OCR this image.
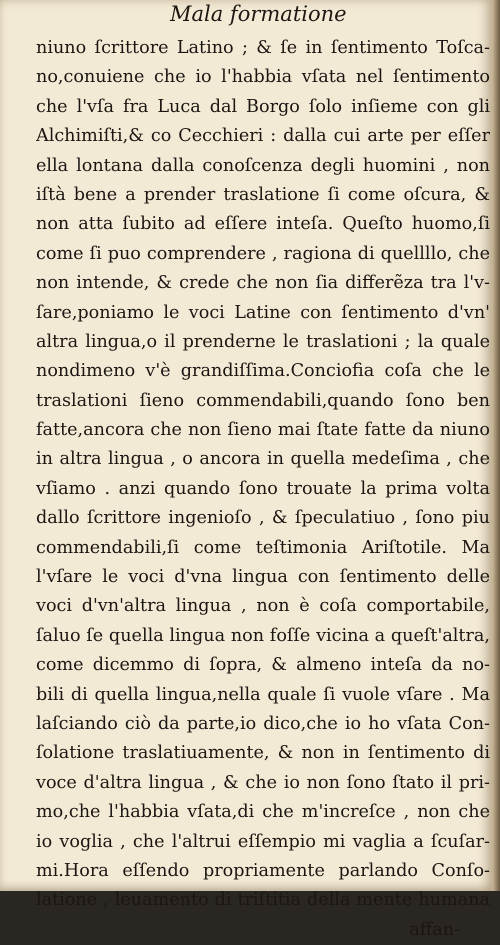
Mala formatione
niuno ſcrittore Latino ; & ſe in ſentimento Toſca-
no,conuiene che io l'habbia vſata nel ſentimento
che l'vſa fra Luca dal Borgo ſolo inſieme con gli
Alchimiſti,& co Cecchieri : dalla cui arte per eſſer
ella lontana dalla conoſcenza degli huomini , non
iſtà bene a prender traslatione ſi come oſcura, &
non atta ſubito ad eſſere inteſa. Queſto huomo,ſi
come ſi puo comprendere , ragiona di quellllo, che
non intende, & crede che non ſia differẽza tra l'v-
ſare,poniamo le voci Latine con ſentimento d'vn'
altra lingua,o il prenderne le traslationi ; la quale
nondimeno v'è grandiſſima.Conciofia coſa che le
traslationi ſieno commendabili,quando ſono ben
fatte,ancora che non ſieno mai ſtate fatte da niuno
in altra lingua , o ancora in quella medeſima , che
vſiamo . anzi quando ſono trouate la prima volta
dallo ſcrittore ingenioſo , & ſpeculatiuo , ſono piu
commendabili,ſi come teſtimonia Ariſtotile. Ma
l'vſare le voci d'vna lingua con ſentimento delle
voci d'vn'altra lingua , non è coſa comportabile,
ſaluo ſe quella lingua non foſſe vicina a queſt'altra,
come dicemmo di ſopra, & almeno inteſa da no-
bili di quella lingua,nella quale ſi vuole vſare . Ma
laſciando ciò da parte,io dico,che io ho vſata Con-
ſolatione traslatiuamente, & non in ſentimento di
voce d'altra lingua , & che io non ſono ſtato il pri-
mo,che l'habbia vſata,di che m'increſce , non che
io voglia , che l'altrui eſſempio mi vaglia a ſcuſar-
mi.Hora eſſendo propriamente parlando Conſo-
latione , leuamento di triſtitia della mente humana
affan-
